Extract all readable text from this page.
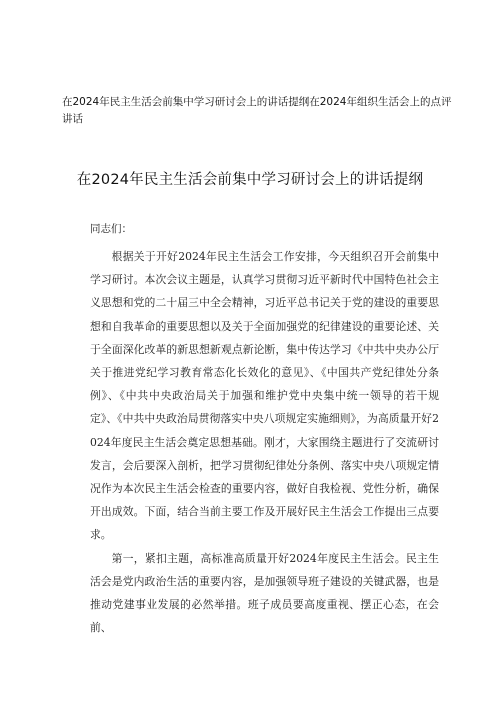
在2024年民主生活会前集中学习研讨会上的讲话提纲在2024年组织生活会上的点评讲话
在2024年民主生活会前集中学习研讨会上的讲话提纲
同志们：

根据关于开好2024年民主生活会工作安排，今天组织召开会前集中学习研讨。本次会议主题是，认真学习贯彻习近平新时代中国特色社会主义思想和党的二十届三中全会精神，习近平总书记关于党的建设的重要思想和自我革命的重要思想以及关于全面加强党的纪律建设的重要论述、关于全面深化改革的新思想新观点新论断，集中传达学习《中共中央办公厅关于推进党纪学习教育常态化长效化的意见》、《中国共产党纪律处分条例》、《中共中央政治局关于加强和维护党中央集中统一领导的若干规定》、《中共中央政治局贯彻落实中央八项规定实施细则》，为高质量开好2024年度民主生活会奠定思想基础。刚才，大家围绕主题进行了交流研讨发言，会后要深入剖析，把学习贯彻纪律处分条例、落实中央八项规定情况作为本次民主生活会检查的重要内容，做好自我检视、党性分析，确保开出成效。下面，结合当前主要工作及开展好民主生活会工作提出三点要求。

第一，紧扣主题，高标准高质量开好2024年度民主生活会。民主生活会是党内政治生活的重要内容，是加强领导班子建设的关键武器，也是推动党建事业发展的必然举措。班子成员要高度重视、摆正心态，在会前、
